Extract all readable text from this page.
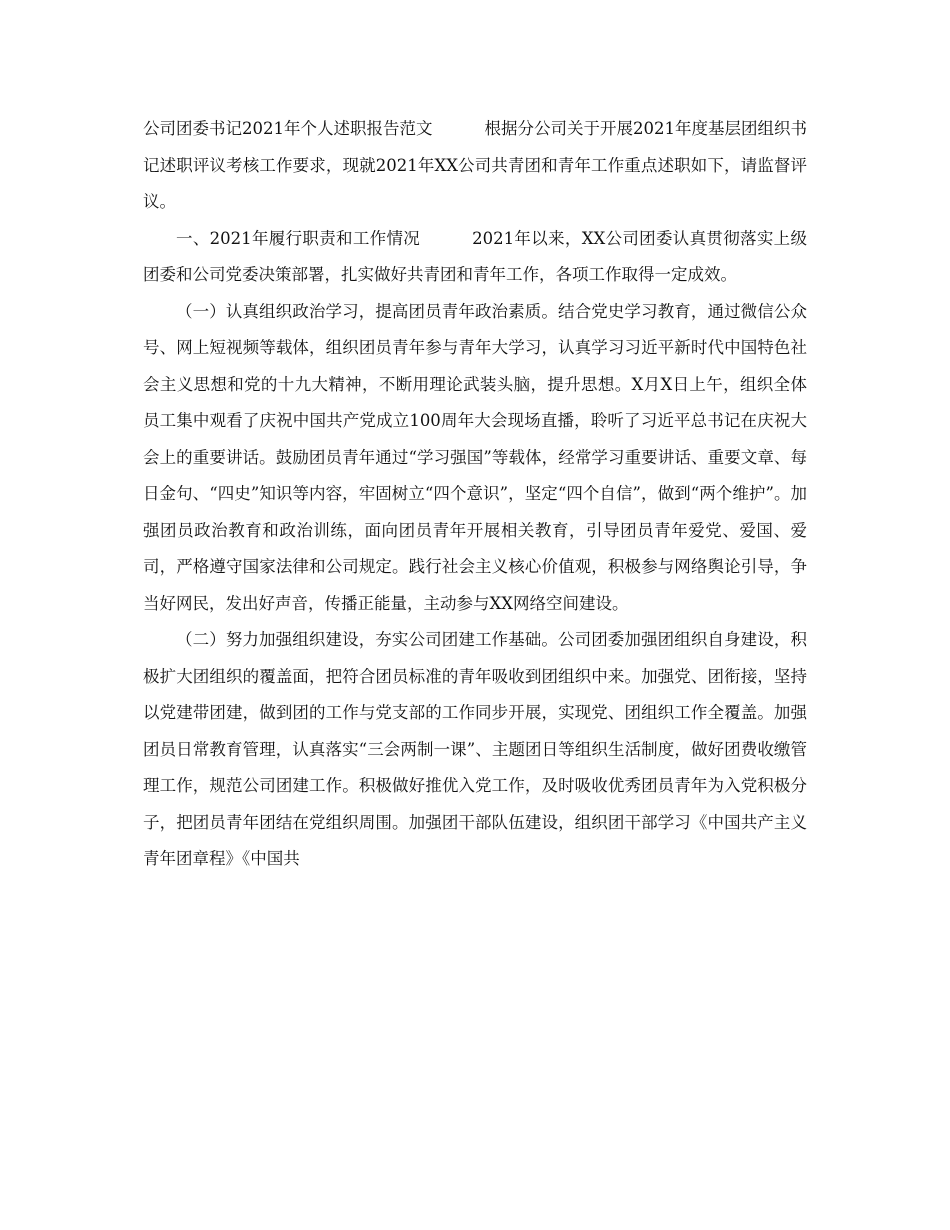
公司团委书记2021年个人述职报告范文	根据分公司关于开展2021年度基层团组织书记述职评议考核工作要求，现就2021年XX公司共青团和青年工作重点述职如下，请监督评议。

一、2021年履行职责和工作情况	2021年以来，XX公司团委认真贯彻落实上级团委和公司党委决策部署，扎实做好共青团和青年工作，各项工作取得一定成效。

（一）认真组织政治学习，提高团员青年政治素质。结合党史学习教育，通过微信公众号、网上短视频等载体，组织团员青年参与青年大学习，认真学习习近平新时代中国特色社会主义思想和党的十九大精神，不断用理论武装头脑，提升思想。X月X日上午，组织全体员工集中观看了庆祝中国共产党成立100周年大会现场直播，聆听了习近平总书记在庆祝大会上的重要讲话。鼓励团员青年通过“学习强国”等载体，经常学习重要讲话、重要文章、每日金句、“四史”知识等内容，牢固树立“四个意识”，坚定“四个自信”，做到“两个维护”。加强团员政治教育和政治训练，面向团员青年开展相关教育，引导团员青年爱党、爱国、爱司，严格遵守国家法律和公司规定。践行社会主义核心价值观，积极参与网络舆论引导，争当好网民，发出好声音，传播正能量，主动参与XX网络空间建设。

（二）努力加强组织建设，夯实公司团建工作基础。公司团委加强团组织自身建设，积极扩大团组织的覆盖面，把符合团员标准的青年吸收到团组织中来。加强党、团衔接，坚持以党建带团建，做到团的工作与党支部的工作同步开展，实现党、团组织工作全覆盖。加强团员日常教育管理，认真落实“三会两制一课”、主题团日等组织生活制度，做好团费收缴管理工作，规范公司团建工作。积极做好推优入党工作，及时吸收优秀团员青年为入党积极分子，把团员青年团结在党组织周围。加强团干部队伍建设，组织团干部学习《中国共产主义青年团章程》《中国共
